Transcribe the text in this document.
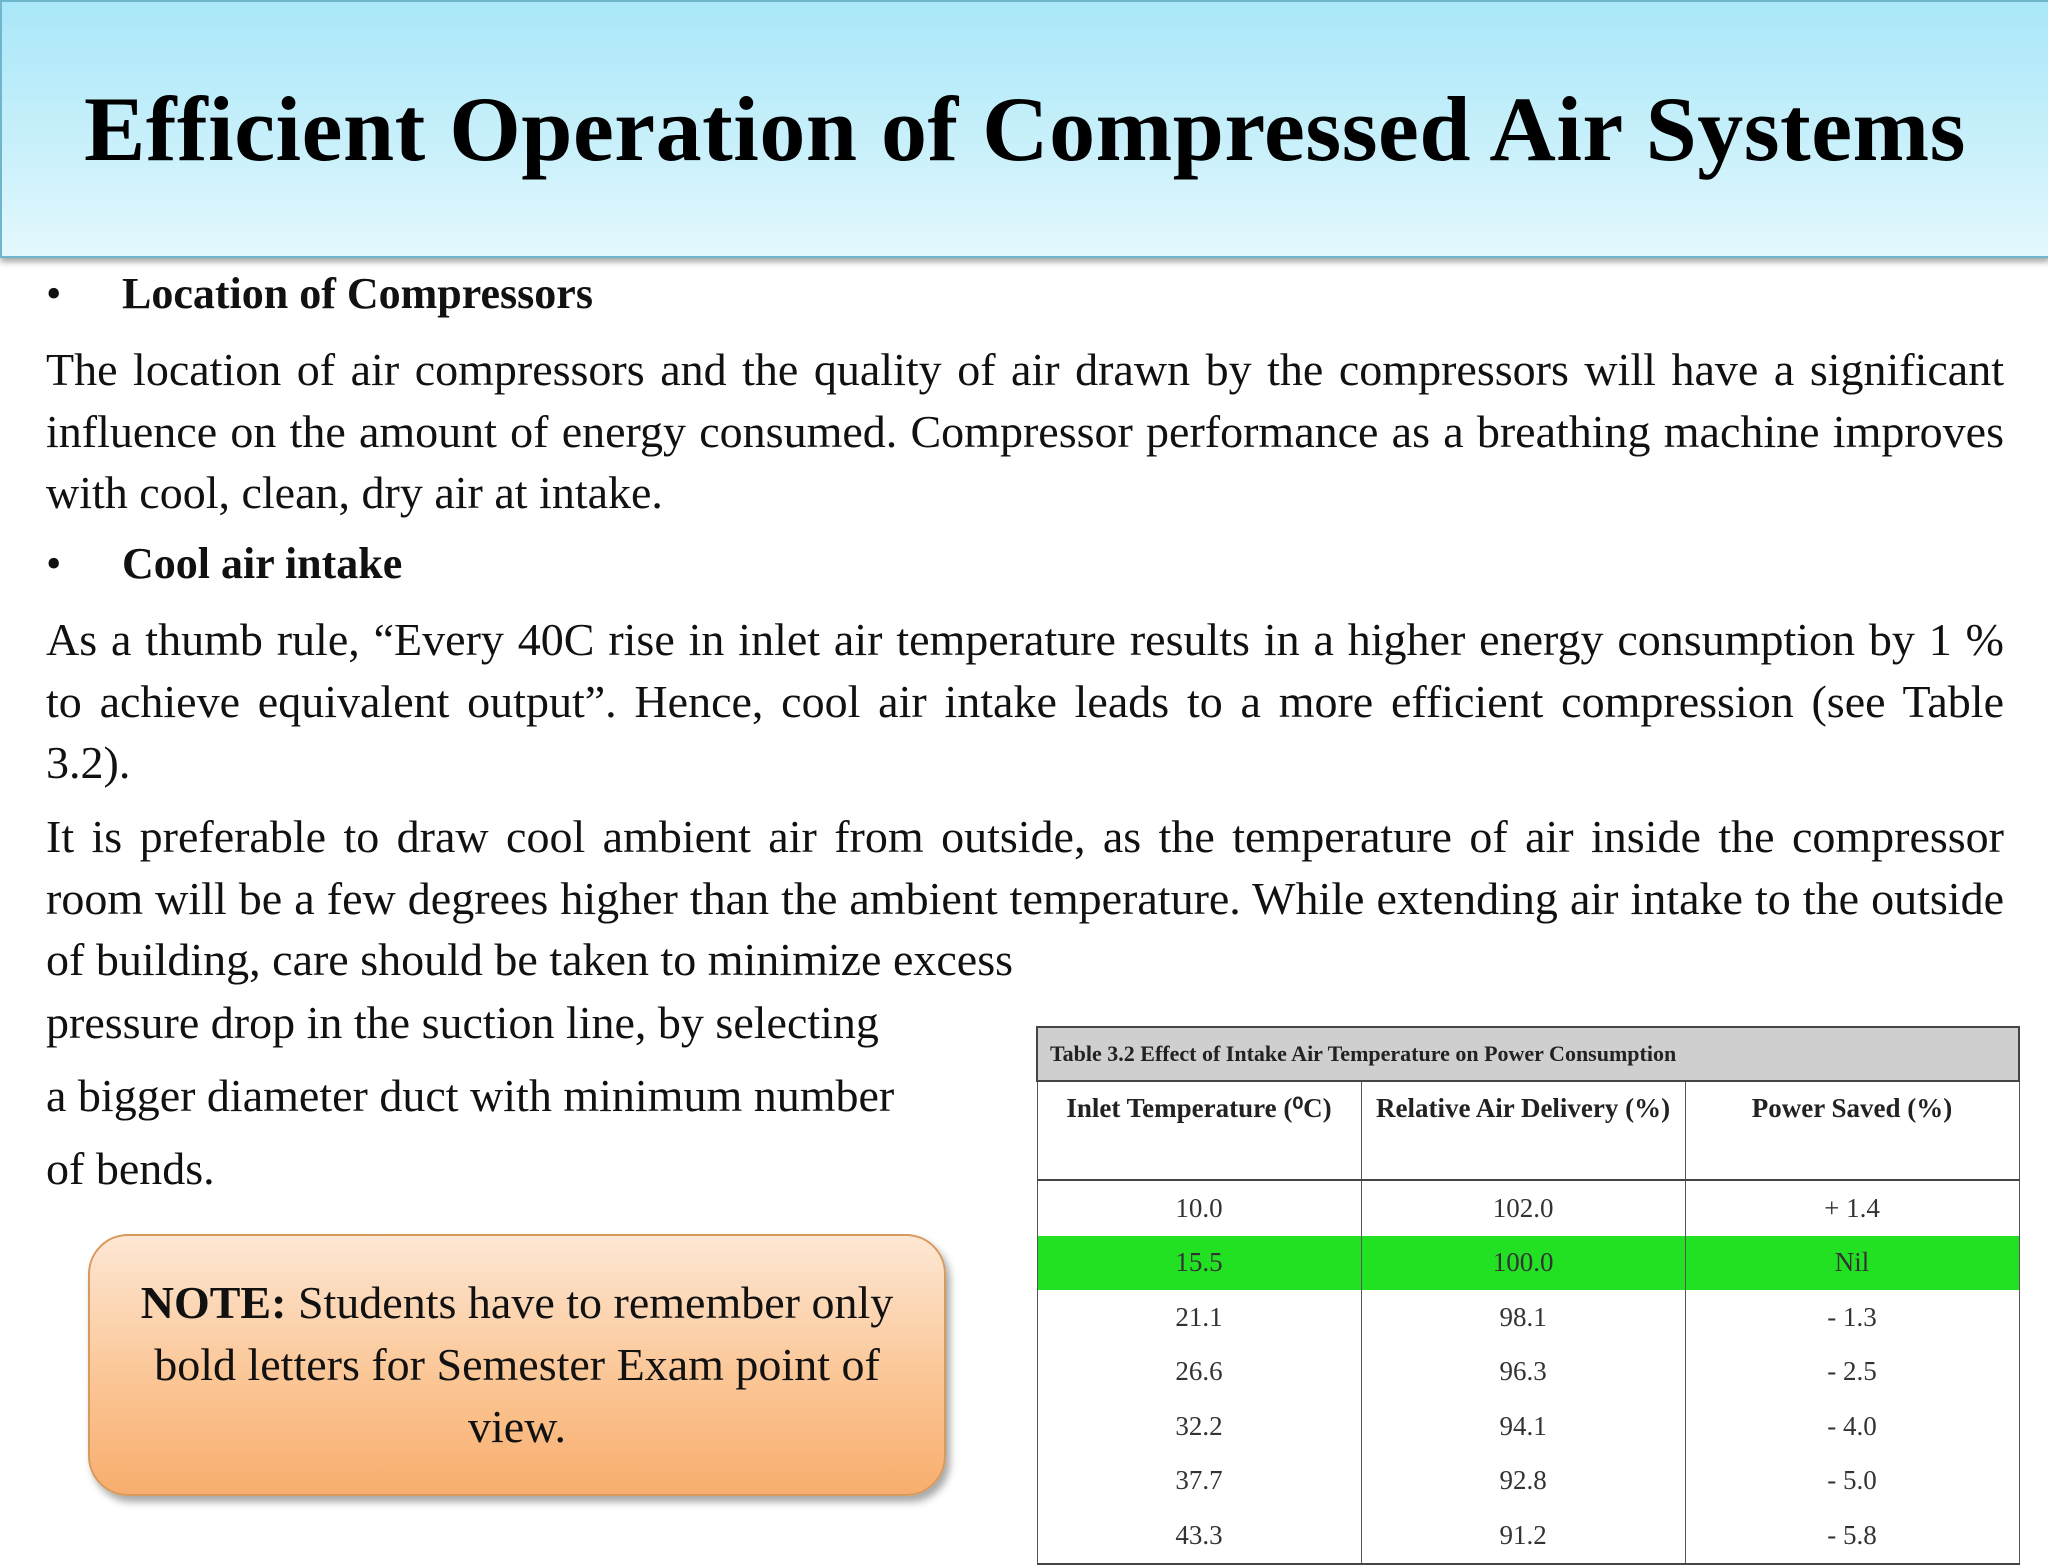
Efficient Operation of Compressed Air Systems
• Location of Compressors
The location of air compressors and the quality of air drawn by the compressors will have a significant influence on the amount of energy consumed. Compressor performance as a breathing machine improves with cool, clean, dry air at intake.
• Cool air intake
As a thumb rule, “Every 40C rise in inlet air temperature results in a higher energy consumption by 1 % to achieve equivalent output”. Hence, cool air intake leads to a more efficient compression (see Table 3.2).
It is preferable to draw cool ambient air from outside, as the temperature of air inside the compressor room will be a few degrees higher than the ambient temperature. While extending air intake to the outside of building, care should be taken to minimize excess
pressure drop in the suction line, by selecting
a bigger diameter duct with minimum number
of bends.
NOTE: Students have to remember only bold letters for Semester Exam point of view.
Table 3.2 Effect of Intake Air Temperature on Power Consumption		
Inlet Temperature (⁰C)	Relative Air Delivery (%)	Power Saved (%)
10.0	102.0	+ 1.4
15.5	100.0	Nil
21.1	98.1	- 1.3
26.6	96.3	- 2.5
32.2	94.1	- 4.0
37.7	92.8	- 5.0
43.3	91.2	- 5.8
